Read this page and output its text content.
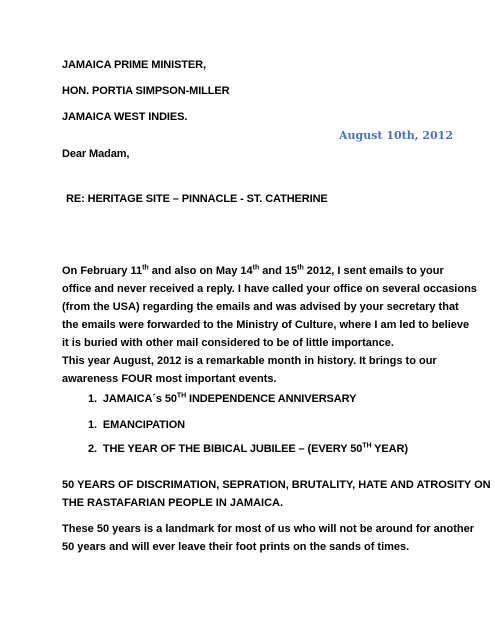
JAMAICA PRIME MINISTER,
HON. PORTIA SIMPSON-MILLER
JAMAICA WEST INDIES.
August 10th, 2012
Dear Madam,
RE: HERITAGE SITE – PINNACLE - ST. CATHERINE
On February 11th and also on May 14th and 15th 2012, I sent emails to your
office and never received a reply. I have called your office on several occasions
(from the USA) regarding the emails and was advised by your secretary that
the emails were forwarded to the Ministry of Culture, where I am led to believe
it is buried with other mail considered to be of little importance.
This year August, 2012 is a remarkable month in history. It brings to our
awareness FOUR most important events.
1. JAMAICA´s 50TH INDEPENDENCE ANNIVERSARY
1. EMANCIPATION
2. THE YEAR OF THE BIBICAL JUBILEE – (EVERY 50TH YEAR)
50 YEARS OF DISCRIMATION, SEPRATION, BRUTALITY, HATE AND ATROSITY ON
THE RASTAFARIAN PEOPLE IN JAMAICA.
These 50 years is a landmark for most of us who will not be around for another
50 years and will ever leave their foot prints on the sands of times.
